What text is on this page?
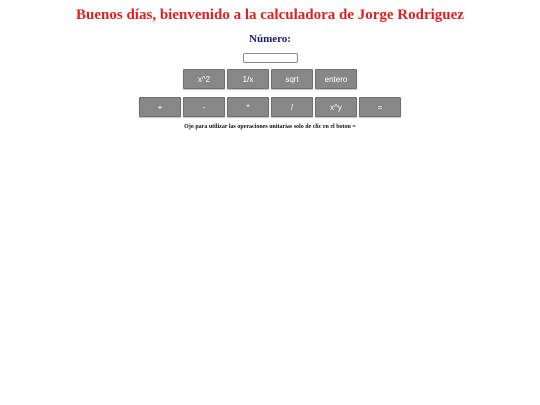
Buenos días, bienvenido a la calculadora de Jorge Rodriguez
Número:
x^2	1/x	sqrt	entero
+	-	*	/	x^y	=
Ojo para utilizar las operaciones unitarias solo de clic en el boton =
